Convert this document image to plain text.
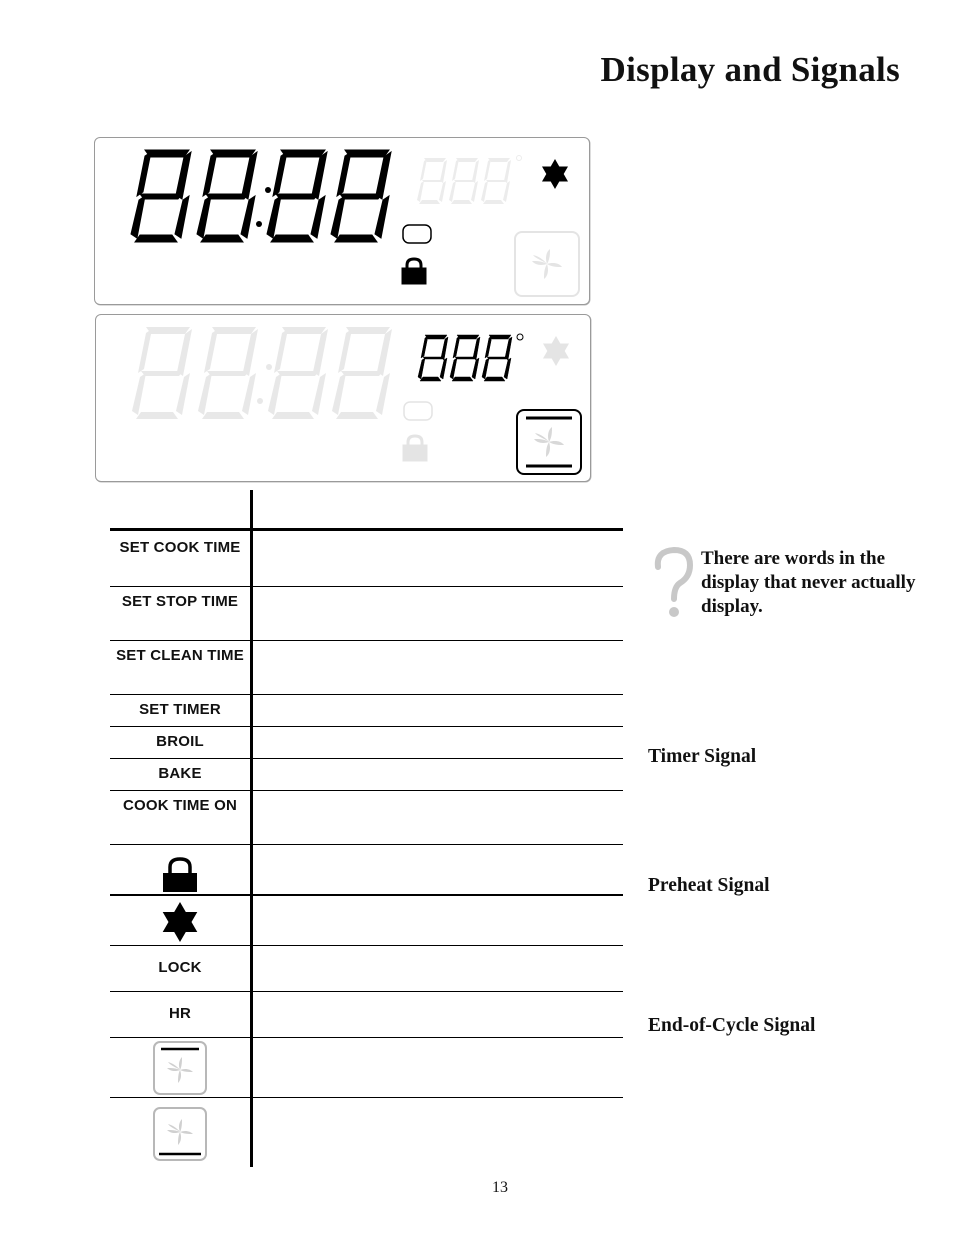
Display and Signals
SET COOK TIME
SET STOP TIME
SET CLEAN TIME
SET TIMER
BROIL
BAKE
COOK TIME ON
LOCK
HR
There are words in the display that never actually display.
Timer Signal
Preheat Signal
End-of-Cycle Signal
13
